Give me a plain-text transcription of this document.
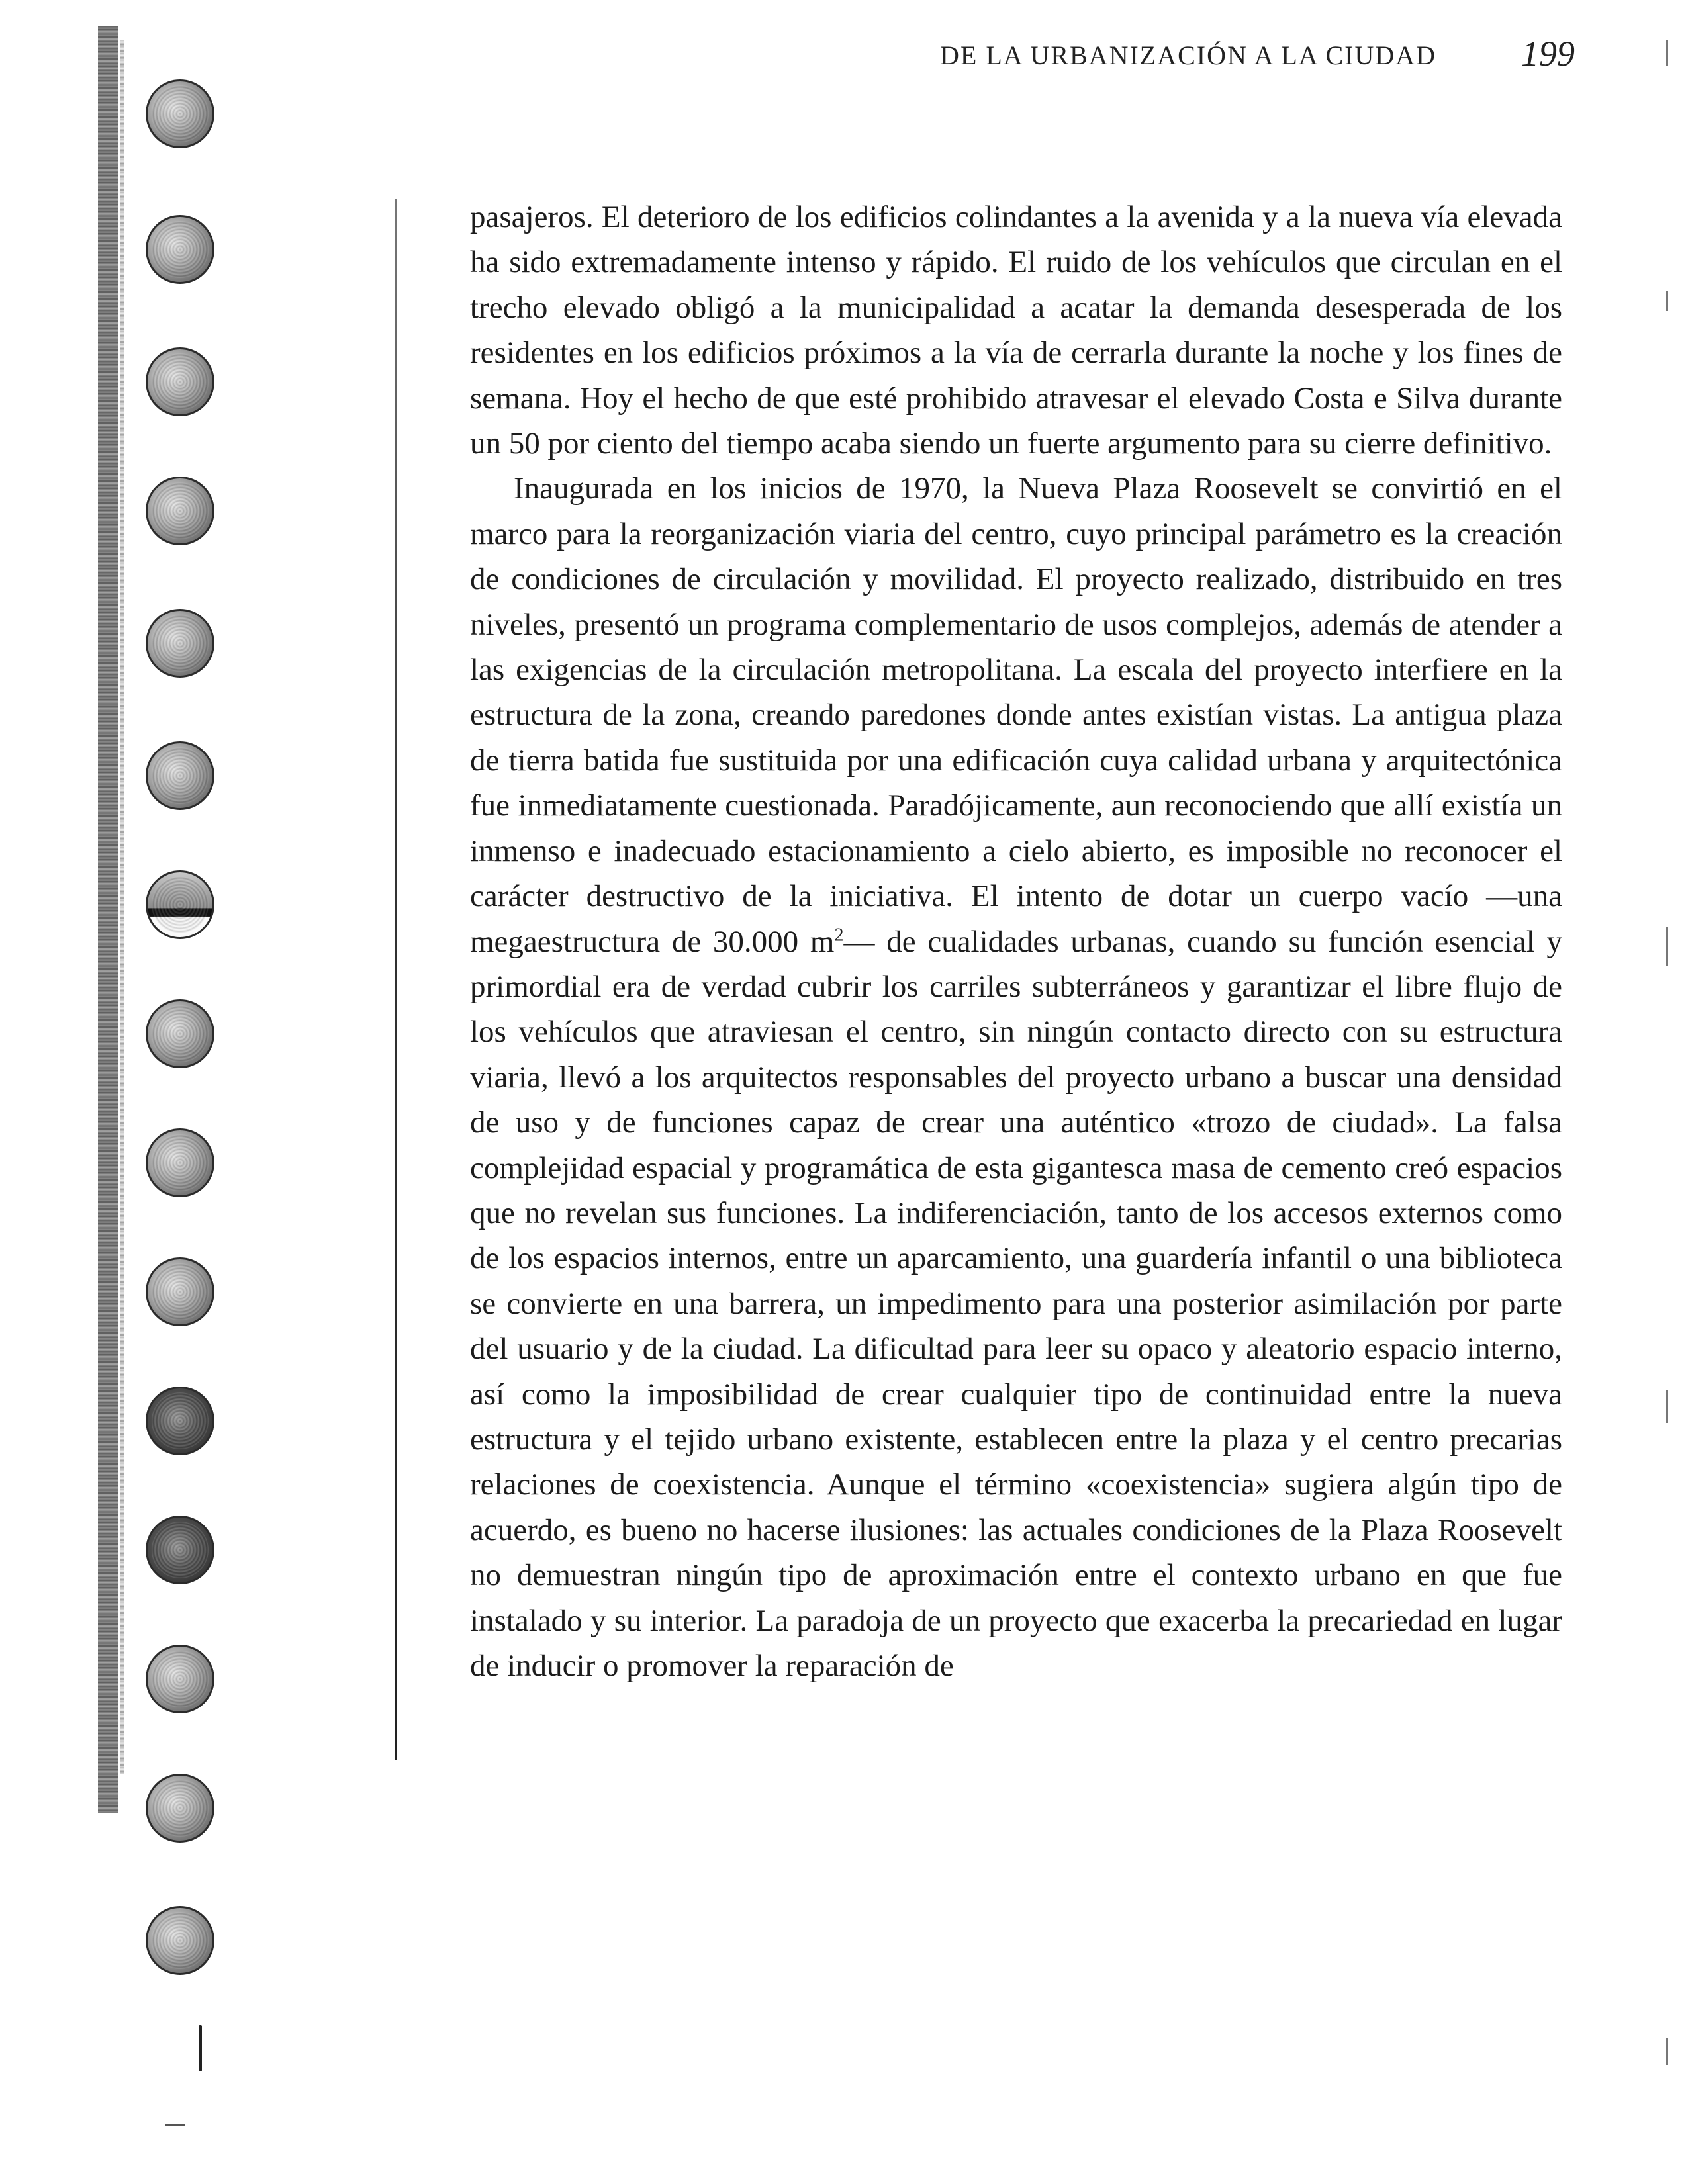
DE LA URBANIZACIÓN A LA CIUDAD 199

pasajeros. El deterioro de los edificios colindantes a la avenida y a la nueva vía elevada ha sido extremadamente intenso y rápido. El ruido de los vehículos que circulan en el trecho elevado obligó a la municipalidad a acatar la demanda desesperada de los residentes en los edificios próximos a la vía de cerrarla durante la noche y los fines de semana. Hoy el hecho de que esté prohibido atravesar el elevado Costa e Silva durante un 50 por ciento del tiempo acaba siendo un fuerte argumento para su cierre definitivo.

Inaugurada en los inicios de 1970, la Nueva Plaza Roosevelt se convirtió en el marco para la reorganización viaria del centro, cuyo principal parámetro es la creación de condiciones de circulación y movilidad. El proyecto realizado, distribuido en tres niveles, presentó un programa complementario de usos complejos, además de atender a las exigencias de la circulación metropolitana. La escala del proyecto interfiere en la estructura de la zona, creando paredones donde antes existían vistas. La antigua plaza de tierra batida fue sustituida por una edificación cuya calidad urbana y arquitectónica fue inmediatamente cuestionada. Paradójicamente, aun reconociendo que allí existía un inmenso e inadecuado estacionamiento a cielo abierto, es imposible no reconocer el carácter destructivo de la iniciativa. El intento de dotar un cuerpo vacío —una megaestructura de 30.000 $m^2—$ de cualidades urbanas, cuando su función esencial y primordial era de verdad cubrir los carriles subterráneos y garantizar el libre flujo de los vehículos que atraviesan el centro, sin ningún contacto directo con su estructura viaria, llevó a los arquitectos responsables del proyecto urbano a buscar una densidad de uso y de funciones capaz de crear una auténtico «trozo de ciudad». La falsa complejidad espacial y programática de esta gigantesca masa de cemento creó espacios que no revelan sus funciones. La indiferenciación, tanto de los accesos externos como de los espacios internos, entre un aparcamiento, una guardería infantil o una biblioteca se convierte en una barrera, un impedimento para una posterior asimilación por parte del usuario y de la ciudad. La dificultad para leer su opaco y aleatorio espacio interno, así como la imposibilidad de crear cualquier tipo de continuidad entre la nueva estructura y el tejido urbano existente, establecen entre la plaza y el centro precarias relaciones de coexistencia. Aunque el término «coexistencia» sugiera algún tipo de acuerdo, es bueno no hacerse ilusiones: las actuales condiciones de la Plaza Roosevelt no demuestran ningún tipo de aproximación entre el contexto urbano en que fue instalado y su interior. La paradoja de un proyecto que exacerba la precariedad en lugar de inducir o promover la reparación de
